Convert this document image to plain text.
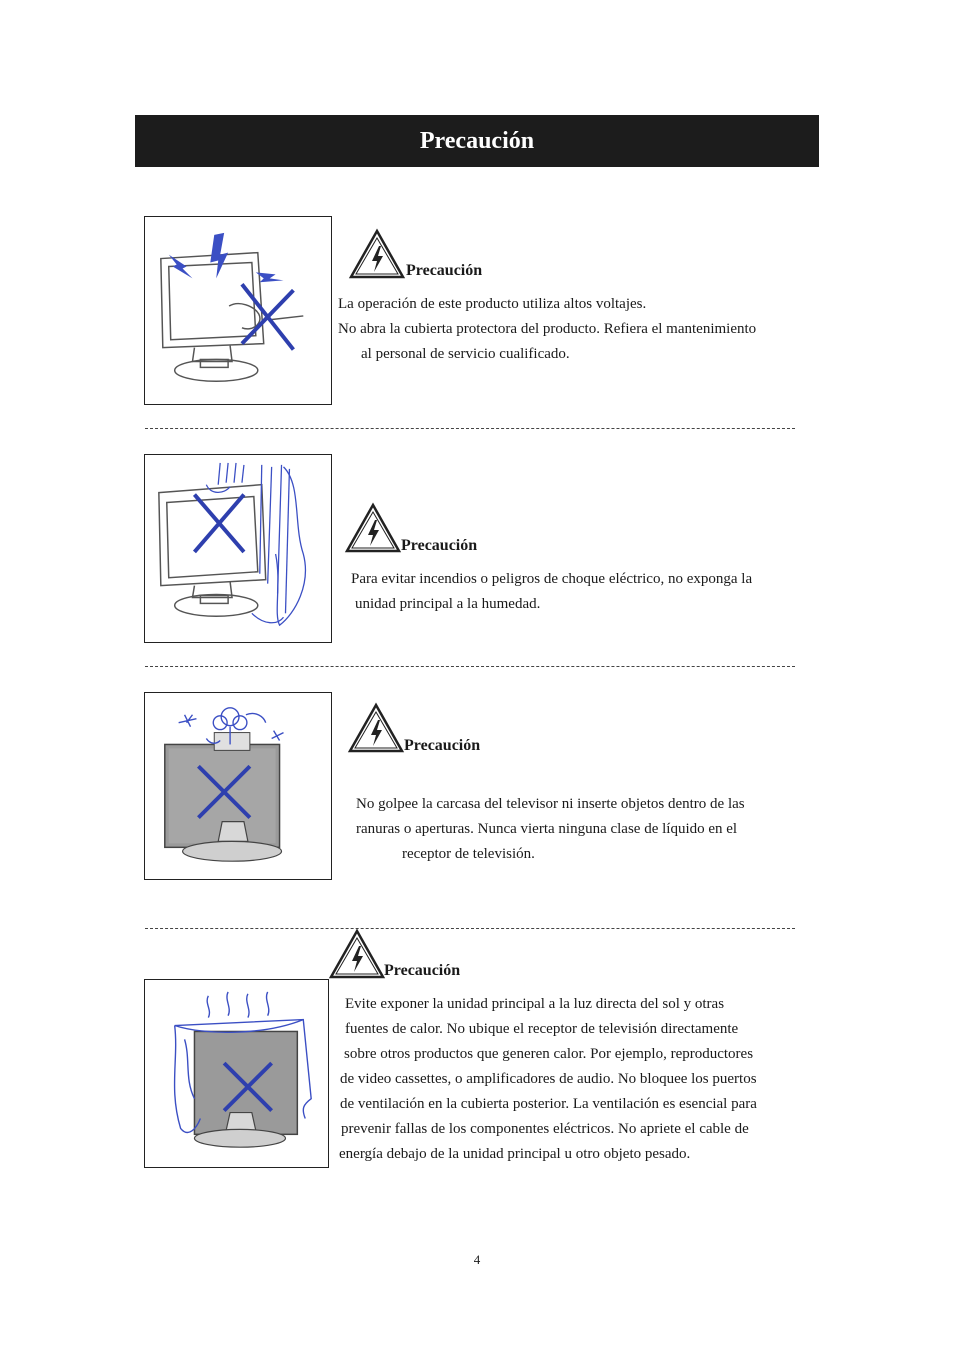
Precaución
Precaución
La operación de este producto utiliza altos voltajes.
No abra la cubierta protectora del producto. Refiera el mantenimiento
al personal de servicio cualificado.
Precaución
Para evitar incendios o peligros de choque eléctrico, no exponga la
unidad principal a la humedad.
Precaución
No golpee la carcasa del televisor ni inserte objetos dentro de las
ranuras o aperturas. Nunca vierta ninguna clase de líquido en el
receptor de televisión.
Precaución
Evite exponer la unidad principal a la luz directa del sol y otras
fuentes de calor. No ubique el receptor de televisión directamente
sobre otros productos que generen calor. Por ejemplo, reproductores
de video cassettes, o amplificadores de audio. No bloquee los puertos
de ventilación en la cubierta posterior. La ventilación es esencial para
prevenir fallas de los componentes eléctricos. No apriete el cable de
energía debajo de la unidad principal u otro objeto pesado.
4
